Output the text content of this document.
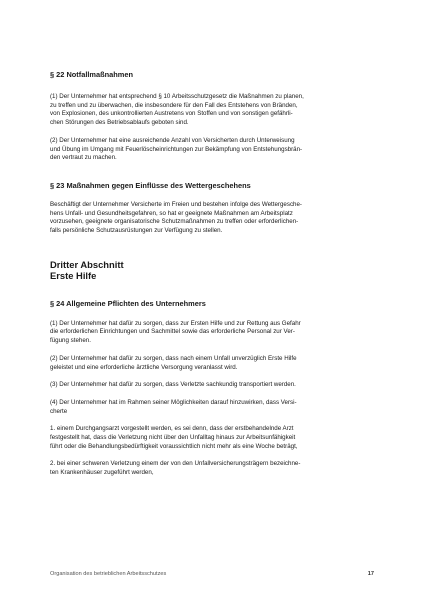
§ 22 Notfallmaßnahmen
(1) Der Unternehmer hat entsprechend § 10 Arbeitsschutzgesetz die Maßnahmen zu planen,
zu treffen und zu überwachen, die insbesondere für den Fall des Entstehens von Bränden,
von Explosionen, des unkontrollierten Austretens von Stoffen und von sonstigen gefährli-
chen Störungen des Betriebsablaufs geboten sind.
(2) Der Unternehmer hat eine ausreichende Anzahl von Versicherten durch Unterweisung
und Übung im Umgang mit Feuerlöscheinrichtungen zur Bekämpfung von Entstehungsbrän-
den vertraut zu machen.
§ 23 Maßnahmen gegen Einflüsse des Wettergeschehens
Beschäftigt der Unternehmer Versicherte im Freien und bestehen infolge des Wettergesche-
hens Unfall- und Gesundheitsgefahren, so hat er geeignete Maßnahmen am Arbeitsplatz
vorzusehen, geeignete organisatorische Schutzmaßnahmen zu treffen oder erforderlichen-
falls persönliche Schutzausrüstungen zur Verfügung zu stellen.
Dritter Abschnitt
Erste Hilfe
§ 24 Allgemeine Pflichten des Unternehmers
(1) Der Unternehmer hat dafür zu sorgen, dass zur Ersten Hilfe und zur Rettung aus Gefahr
die erforderlichen Einrichtungen und Sachmittel sowie das erforderliche Personal zur Ver-
fügung stehen.
(2) Der Unternehmer hat dafür zu sorgen, dass nach einem Unfall unverzüglich Erste Hilfe
geleistet und eine erforderliche ärztliche Versorgung veranlasst wird.
(3) Der Unternehmer hat dafür zu sorgen, dass Verletzte sachkundig transportiert werden.
(4) Der Unternehmer hat im Rahmen seiner Möglichkeiten darauf hinzuwirken, dass Versi-
cherte
1. einem Durchgangsarzt vorgestellt werden, es sei denn, dass der erstbehandelnde Arzt
festgestellt hat, dass die Verletzung nicht über den Unfalltag hinaus zur Arbeitsunfähigkeit
führt oder die Behandlungsbedürftigkeit voraussichtlich nicht mehr als eine Woche beträgt,
2. bei einer schweren Verletzung einem der von den Unfallversicherungsträgern bezeichne-
ten Krankenhäuser zugeführt werden,
Organisation des betrieblichen Arbeitsschutzes	17
